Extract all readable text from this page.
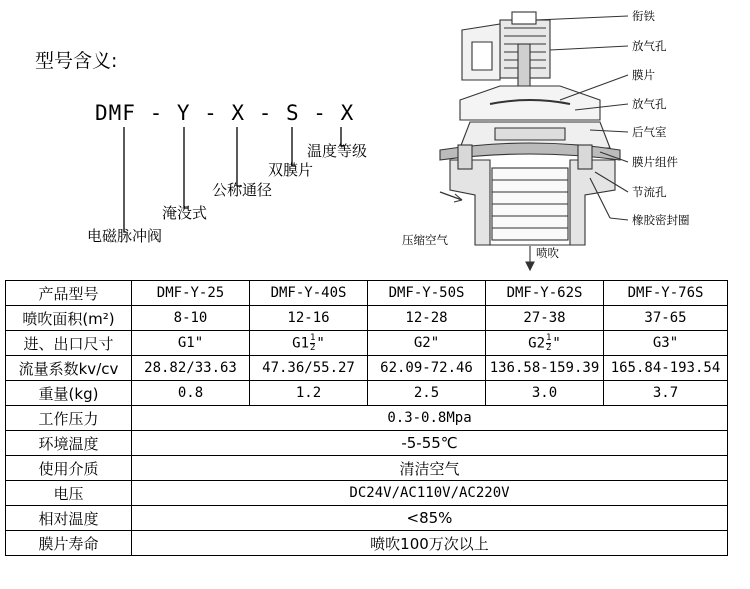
型号含义:
DMF - Y - X - S - X
电磁脉冲阀
淹没式
公称通径
双膜片
温度等级
衔铁
放气孔
膜片
放气孔
后气室
膜片组件
节流孔
橡胶密封圈
压缩空气
喷吹
产品型号	DMF-Y-25	DMF-Y-40S	DMF-Y-50S	DMF-Y-62S	DMF-Y-76S
喷吹面积(m²)	8-10	12-16	12-28	27-38	37-65
进、出口尺寸	G1"	$G1 \frac{1}{2}$ "	G2"	$G2 \frac{1}{2}$ "	G3"
流量系数kv/cv	28.82/33.63	47.36/55.27	62.09-72.46	136.58-159.39	165.84-193.54
重量(kg)	0.8	1.2	2.5	3.0	3.7
工作压力	0.3-0.8Mpa				
环境温度	-5-55℃				
使用介质	清洁空气				
电压	DC24V/AC110V/AC220V				
相对温度	<85%				
膜片寿命	喷吹100万次以上				
